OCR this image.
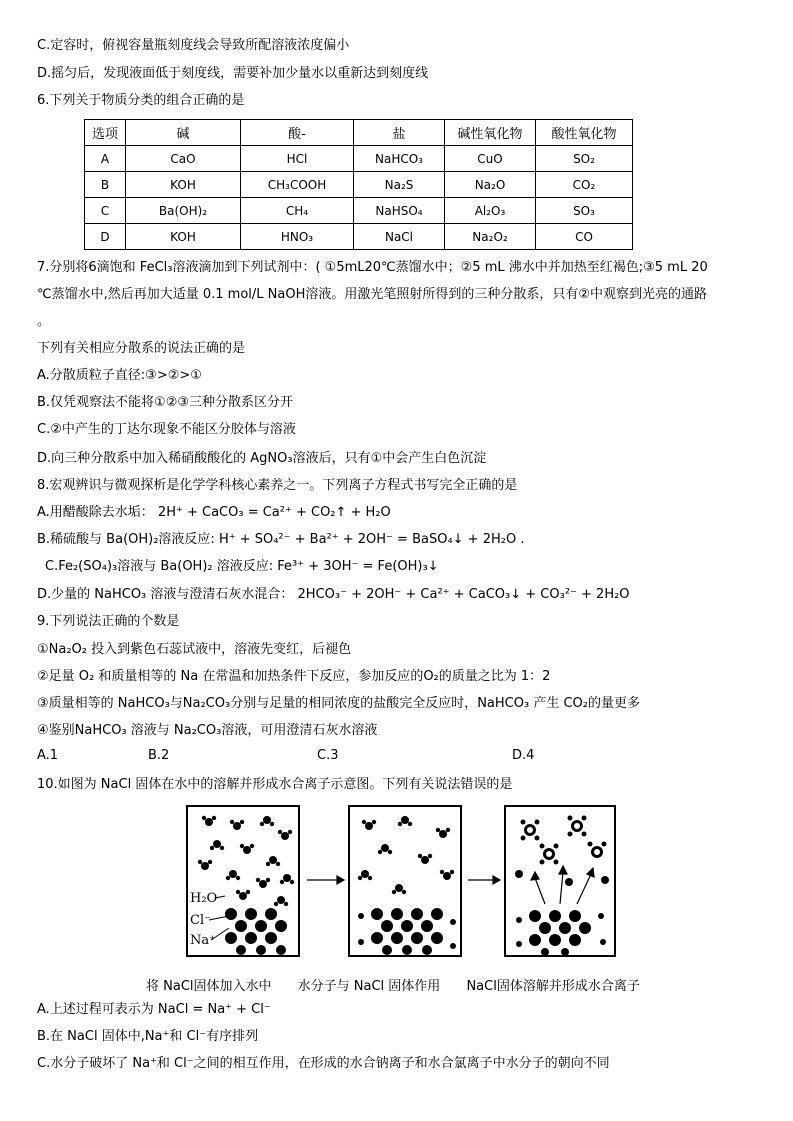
C.定容时，俯视容量瓶刻度线会导致所配溶液浓度偏小
D.摇匀后，发现液面低于刻度线，需要补加少量水以重新达到刻度线
6.下列关于物质分类的组合正确的是
选项	碱	酸-	盐	碱性氧化物	酸性氧化物
A	CaO	HCl	NaHCO₃	CuO	SO₂
B	KOH	CH₃COOH	Na₂S	Na₂O	CO₂
C	Ba(OH)₂	CH₄	NaHSO₄	Al₂O₃	SO₃
D	KOH	HNO₃	NaCl	Na₂O₂	CO
7.分别将6滴饱和 FeCl₃溶液滴加到下列试剂中：( ①5mL20℃蒸馏水中；②5 mL 沸水中并加热至红褐色;③5 mL 20
℃蒸馏水中,然后再加大适量 0.1 mol/L NaOH溶液。用激光笔照射所得到的三种分散系，只有②中观察到光亮的通路
。
下列有关相应分散系的说法正确的是
A.分散质粒子直径:③>②>①
B.仅凭观察法不能将①②③三种分散系区分开
C.②中产生的丁达尔现象不能区分胶体与溶液
D.向三种分散系中加入稀硝酸酸化的 AgNO₃溶液后，只有①中会产生白色沉淀
8.宏观辨识与微观探析是化学学科核心素养之一。下列离子方程式书写完全正确的是
A.用醋酸除去水垢： 2H⁺ + CaCO₃ = Ca²⁺ + CO₂↑ + H₂O
B.稀硫酸与 Ba(OH)₂溶液反应: H⁺ + SO₄²⁻ + Ba²⁺ + 2OH⁻ = BaSO₄↓ + 2H₂O .
C.Fe₂(SO₄)₃溶液与 Ba(OH)₂ 溶液反应: Fe³⁺ + 3OH⁻ = Fe(OH)₃↓
D.少量的 NaHCO₃ 溶液与澄清石灰水混合： 2HCO₃⁻ + 2OH⁻ + Ca²⁺ + CaCO₃↓ + CO₃²⁻ + 2H₂O
9.下列说法正确的个数是
①Na₂O₂ 投入到紫色石蕊试液中，溶液先变红，后褪色
②足量 O₂ 和质量相等的 Na 在常温和加热条件下反应，参加反应的O₂的质量之比为 1：2
③质量相等的 NaHCO₃与Na₂CO₃分别与足量的相同浓度的盐酸完全反应时，NaHCO₃ 产生 CO₂的量更多
④鉴别NaHCO₃ 溶液与 Na₂CO₃溶液，可用澄清石灰水溶液
A.1	B.2	C.3	D.4
10.如图为 NaCl 固体在水中的溶解并形成水合离子示意图。下列有关说法错误的是
H₂O
Cl⁻
Na⁺
将 NaCl固体加入水中 水分子与 NaCl 固体作用 NaCl固体溶解并形成水合离子
A.上述过程可表示为 NaCl = Na⁺ + Cl⁻
B.在 NaCl 固体中,Na⁺和 Cl⁻有序排列
C.水分子破坏了 Na⁺和 Cl⁻之间的相互作用，在形成的水合钠离子和水合氯离子中水分子的朝向不同
